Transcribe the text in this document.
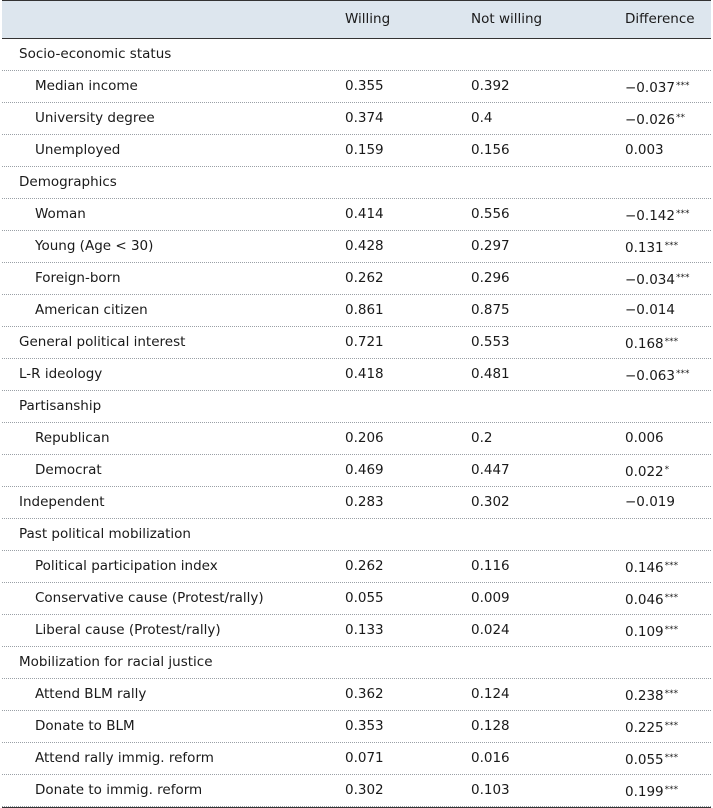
Willing	Not willing	Difference
Socio-economic status
Median income	0.355	0.392	−0.037***
University degree	0.374	0.4	−0.026**
Unemployed	0.159	0.156	0.003
Demographics
Woman	0.414	0.556	−0.142***
Young (Age < 30)	0.428	0.297	0.131***
Foreign-born	0.262	0.296	−0.034***
American citizen	0.861	0.875	−0.014
General political interest	0.721	0.553	0.168***
L-R ideology	0.418	0.481	−0.063***
Partisanship
Republican	0.206	0.2	0.006
Democrat	0.469	0.447	0.022*
Independent	0.283	0.302	−0.019
Past political mobilization
Political participation index	0.262	0.116	0.146***
Conservative cause (Protest/rally)	0.055	0.009	0.046***
Liberal cause (Protest/rally)	0.133	0.024	0.109***
Mobilization for racial justice
Attend BLM rally	0.362	0.124	0.238***
Donate to BLM	0.353	0.128	0.225***
Attend rally immig. reform	0.071	0.016	0.055***
Donate to immig. reform	0.302	0.103	0.199***
